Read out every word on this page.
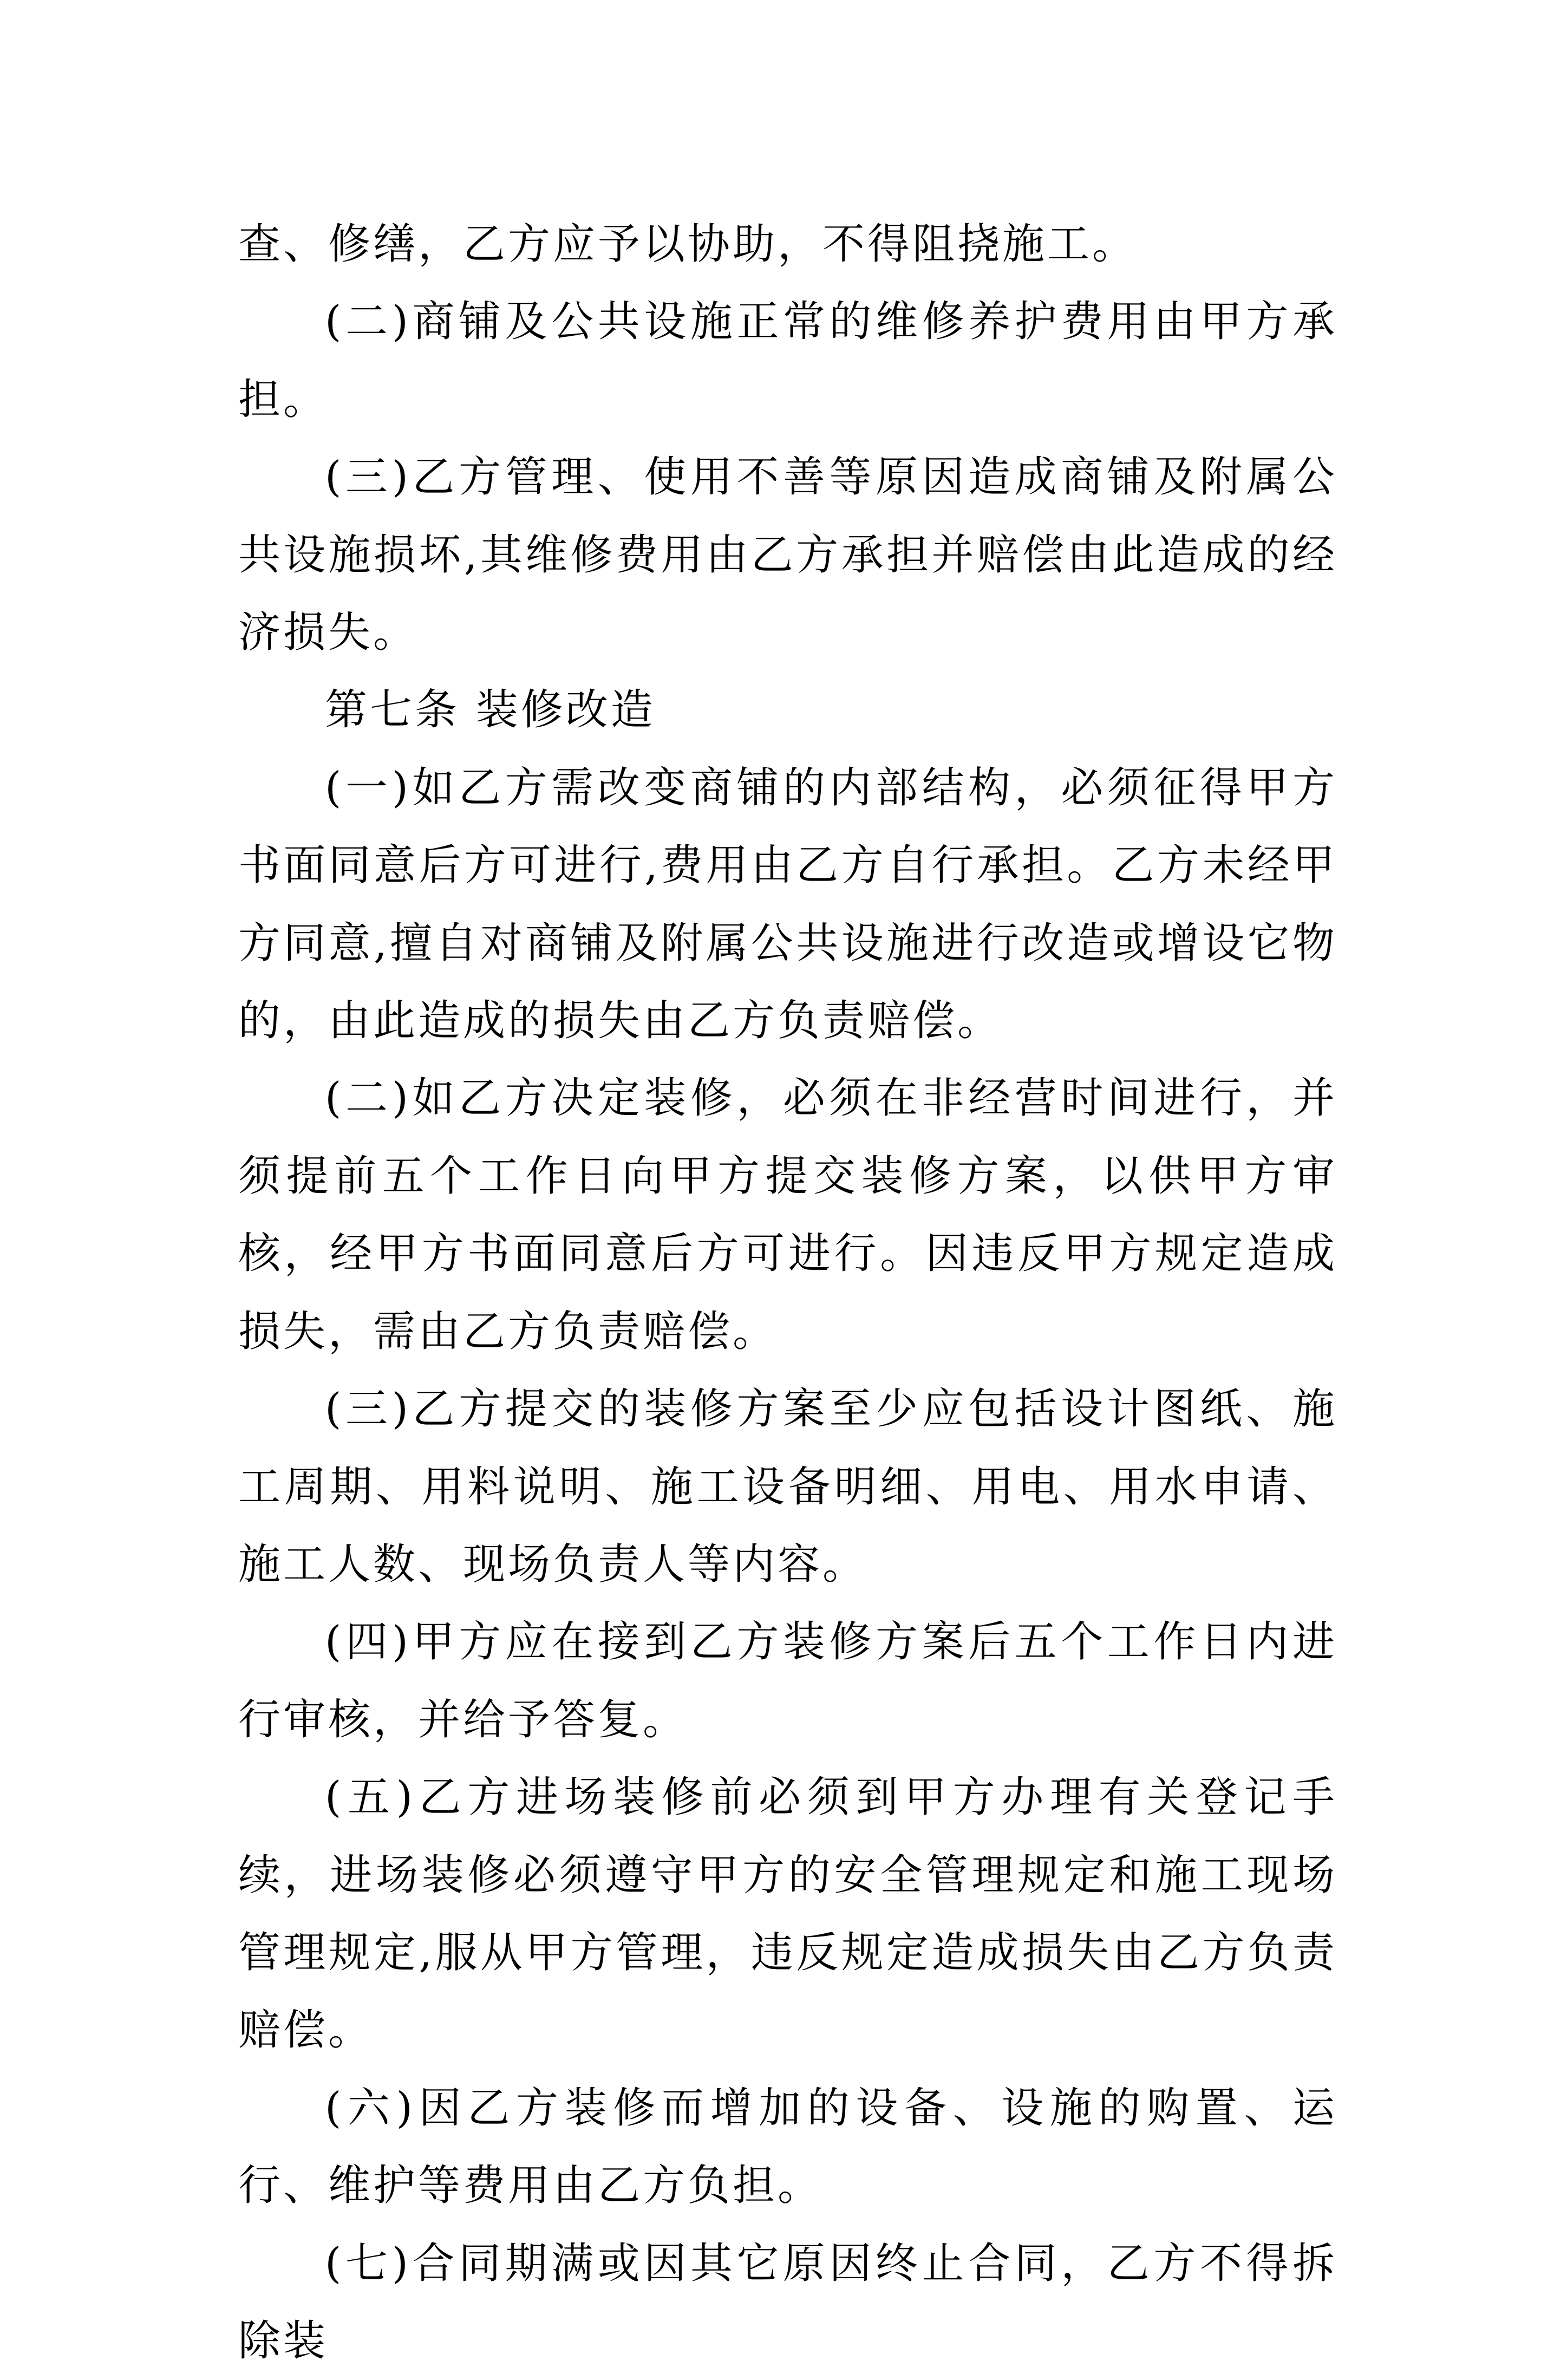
查、修缮，乙方应予以协助，不得阻挠施工。

(二)商铺及公共设施正常的维修养护费用由甲方承担。

(三)乙方管理、使用不善等原因造成商铺及附属公共设施损坏,其维修费用由乙方承担并赔偿由此造成的经济损失。

第七条 装修改造

(一)如乙方需改变商铺的内部结构，必须征得甲方书面同意后方可进行,费用由乙方自行承担。乙方未经甲方同意,擅自对商铺及附属公共设施进行改造或增设它物的，由此造成的损失由乙方负责赔偿。

(二)如乙方决定装修，必须在非经营时间进行，并须提前五个工作日向甲方提交装修方案，以供甲方审核，经甲方书面同意后方可进行。因违反甲方规定造成损失，需由乙方负责赔偿。

(三)乙方提交的装修方案至少应包括设计图纸、施工周期、用料说明、施工设备明细、用电、用水申请、施工人数、现场负责人等内容。

(四)甲方应在接到乙方装修方案后五个工作日内进行审核，并给予答复。

(五)乙方进场装修前必须到甲方办理有关登记手续，进场装修必须遵守甲方的安全管理规定和施工现场管理规定,服从甲方管理，违反规定造成损失由乙方负责赔偿。

(六)因乙方装修而增加的设备、设施的购置、运行、维护等费用由乙方负担。

(七)合同期满或因其它原因终止合同，乙方不得拆除装
